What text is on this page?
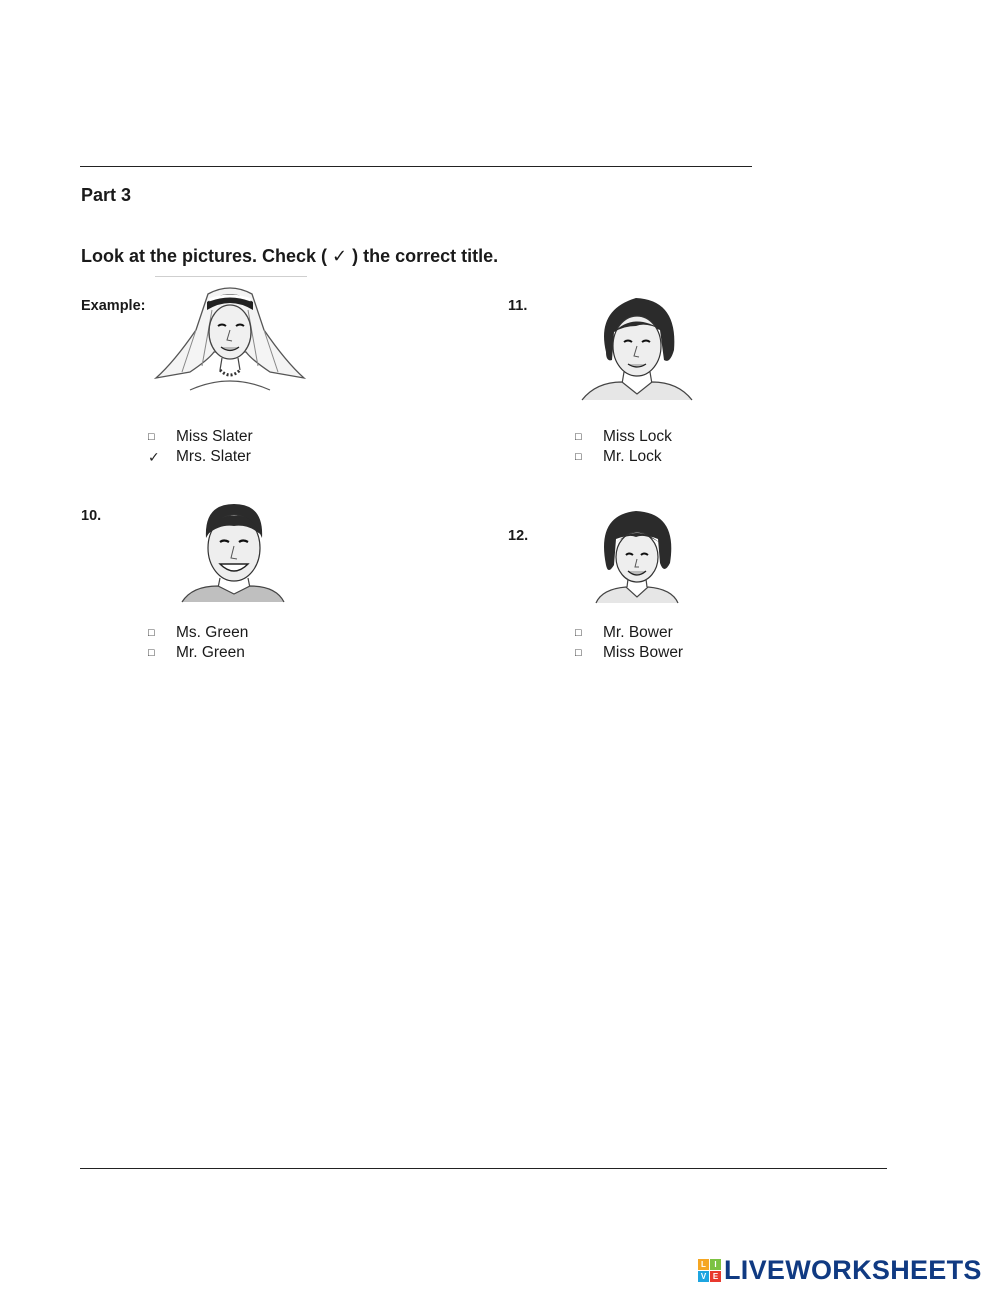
Part 3
Look at the pictures. Check ( ✓ ) the correct title.
Example:
□	Miss Slater
✓	Mrs. Slater
11.
□	Miss Lock
□	Mr. Lock
10.
□	Ms. Green
□	Mr. Green
12.
□	Mr. Bower
□	Miss Bower
L	I
V E LIVEWORKSHEETS
